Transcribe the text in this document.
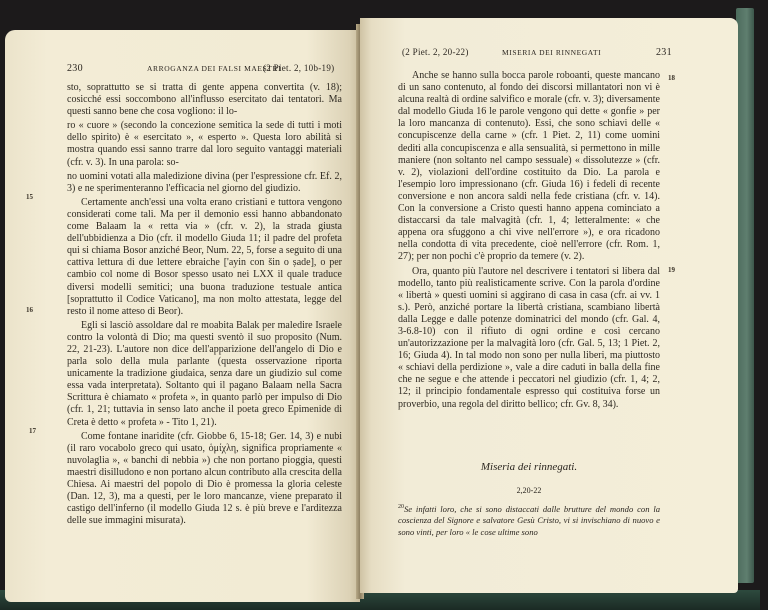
230	ARROGANZA DEI FALSI MAESTRI
(2 Piet. 2, 10b-19)
15
16
17

sto, soprattutto se si tratta di gente appena convertita (v. 18); cosicché essi soccombono all'influsso esercitato dai tentatori. Ma questi sanno bene che cosa vogliono: il lo-

ro « cuore » (secondo la concezione semitica la sede di tutti i moti dello spirito) è « esercitato », « esperto ». Questa loro abilità si mostra quando essi sanno trarre dal loro seguito vantaggi materiali (cfr. v. 3). In una parola: so-

no uomini votati alla maledizione divina (per l'espressione cfr. Ef. 2, 3) e ne sperimenteranno l'efficacia nel giorno del giudizio.

Certamente anch'essi una volta erano cristiani e tuttora vengono considerati come tali. Ma per il demonio essi hanno abbandonato come Balaam la « retta via » (cfr. v. 2), la strada giusta dell'ubbidienza a Dio (cfr. il modello Giuda 11; il padre del profeta qui si chiama Bosor anziché Beor, Num. 22, 5, forse a seguito di una cattiva lettura di due lettere ebraiche ['ayin con šin o ṣade], o per cambio col nome di Bosor spesso usato nei LXX il quale traduce diversi modelli semitici; una buona traduzione testuale antica [soprattutto il Codice Vaticano], ma non molto attestata, legge del resto il nome atteso di Beor).

Egli si lasciò assoldare dal re moabita Balak per maledire Israele contro la volontà di Dio; ma questi sventò il suo proposito (Num. 22, 21-23). L'autore non dice dell'apparizione dell'angelo di Dio e parla solo della mula parlante (questa osservazione riporta unicamente la tradizione giudaica, senza dare un giudizio sul come essa vada interpretata). Soltanto qui il pagano Balaam nella Sacra Scrittura è chiamato « profeta », in quanto parlò per impulso di Dio (cfr. 1, 21; tuttavia in senso lato anche il poeta greco Epimenide di Creta è detto « profeta » - Tito 1, 21).

Come fontane inaridite (cfr. Giobbe 6, 15-18; Ger. 14, 3) e nubi (il raro vocabolo greco qui usato, ὁμίχλη, significa propriamente « nuvolaglia », « banchi di nebbia ») che non portano pioggia, questi maestri disilludono e non portano alcun contributo alla crescita della Chiesa. Ai maestri del popolo di Dio è promessa la gloria celeste (Dan. 12, 3), ma a questi, per le loro mancanze, viene preparato il castigo dell'inferno (il modello Giuda 12 s. è più breve e l'arditezza delle sue immagini misurata).

(2 Piet. 2, 20-22)	MISERIA DEI RINNEGATI	231
18
19

Anche se hanno sulla bocca parole roboanti, queste mancano di un sano contenuto, al fondo dei discorsi millantatori non vi è alcuna realtà di ordine salvifico e morale (cfr. v. 3); diversamente dal modello Giuda 16 le parole vengono qui dette « gonfie » per la loro mancanza di contenuto). Essi, che sono schiavi delle « concupiscenze della carne » (cfr. 1 Piet. 2, 11) come uomini dediti alla concupiscenza e alla sensualità, si permettono in mille maniere (non soltanto nel campo sessuale) « dissolutezze » (cfr. v. 2), violazioni dell'ordine costituito da Dio. La parola e l'esempio loro impressionano (cfr. Giuda 16) i fedeli di recente conversione e non ancora saldi nella fede cristiana (cfr. v. 14). Con la conversione a Cristo questi hanno appena cominciato a distaccarsi da tale malvagità (cfr. 1, 4; letteralmente: « che appena ora sfuggono a chi vive nell'errore »), e ora ricadono nella condotta di vita precedente, cioè nell'errore (cfr. Rom. 1, 27); per non pochi c'è proprio da temere (v. 2).

Ora, quanto più l'autore nel descrivere i tentatori si libera dal modello, tanto più realisticamente scrive. Con la parola d'ordine « libertà » questi uomini si aggirano di casa in casa (cfr. ai vv. 1 s.). Però, anziché portare la libertà cristiana, scambiano libertà dalla Legge e dalle potenze dominatrici del mondo (cfr. Gal. 4, 3-6.8-10) con il rifiuto di ogni ordine e così cercano un'autorizzazione per la malvagità loro (cfr. Gal. 5, 13; 1 Piet. 2, 16; Giuda 4). In tal modo non sono per nulla liberi, ma piuttosto « schiavi della perdizione », vale a dire caduti in balla della fine che ne segue e che attende i peccatori nel giudizio (cfr. 1, 4; 2, 12; il principio fondamentale espresso qui costituiva forse un proverbio, una regola del diritto bellico; cfr. Gv. 8, 34).

Miseria dei rinnegati.
2,20-22
$^{20}$Se infatti loro, che si sono distaccati dalle brutture del mondo con la coscienza del Signore e salvatore Gesù Cristo, vi si invischiano di nuovo e sono vinti, per loro « le cose ultime sono
